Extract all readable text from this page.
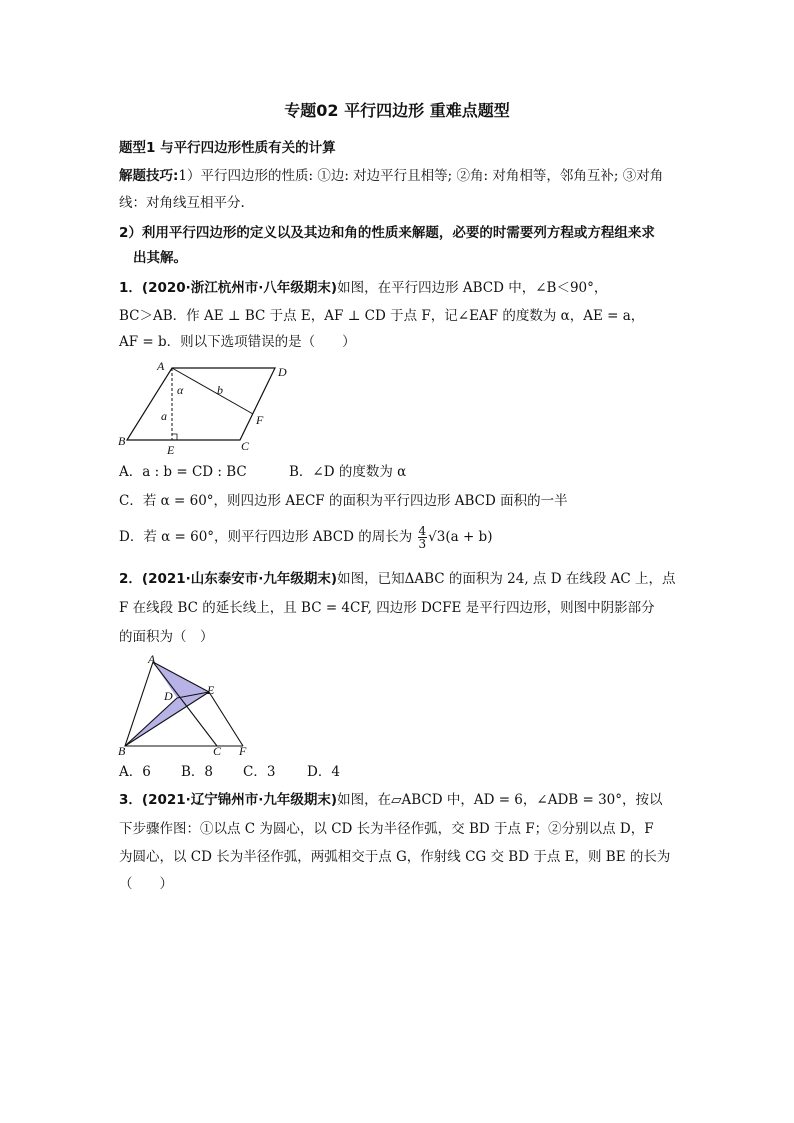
专题02 平行四边形 重难点题型
题型1 与平行四边形性质有关的计算
解题技巧:1）平行四边形的性质: ①边: 对边平行且相等; ②角: 对角相等，邻角互补; ③对角
线：对角线互相平分.
2）利用平行四边形的定义以及其边和角的性质来解题，必要的时需要列方程或方程组来求
出其解。
1．(2020·浙江杭州市·八年级期末)如图，在平行四边形 ABCD 中，∠B＜90°，
BC＞AB．作 AE ⊥ BC 于点 E，AF ⊥ CD 于点 F，记∠EAF 的度数为 α，AE = a，
AF = b．则以下选项错误的是（　　）
A
B	C
D
E
F
α
a
b
A．a : b = CD : BC	B．∠D 的度数为 α
C．若 α = 60°，则四边形 AECF 的面积为平行四边形 ABCD 面积的一半
D．若 α = 60°，则平行四边形 ABCD 的周长为 $\frac{4}{3} √3(a + b)$
2．(2021·山东泰安市·九年级期末)如图，已知ΔABC 的面积为 24, 点 D 在线段 AC 上，点
F 在线段 BC 的延长线上，且 BC = 4CF, 四边形 DCFE 是平行四边形，则图中阴影部分
的面积为（　）
A
B	C
D	E
F
A．6 B．8 C．3 D．4
3．(2021·辽宁锦州市·九年级期末)如图，在▱ABCD 中，AD = 6，∠ADB = 30°，按以
下步骤作图：①以点 C 为圆心，以 CD 长为半径作弧，交 BD 于点 F；②分别以点 D，F
为圆心，以 CD 长为半径作弧，两弧相交于点 G，作射线 CG 交 BD 于点 E，则 BE 的长为
（　　）
